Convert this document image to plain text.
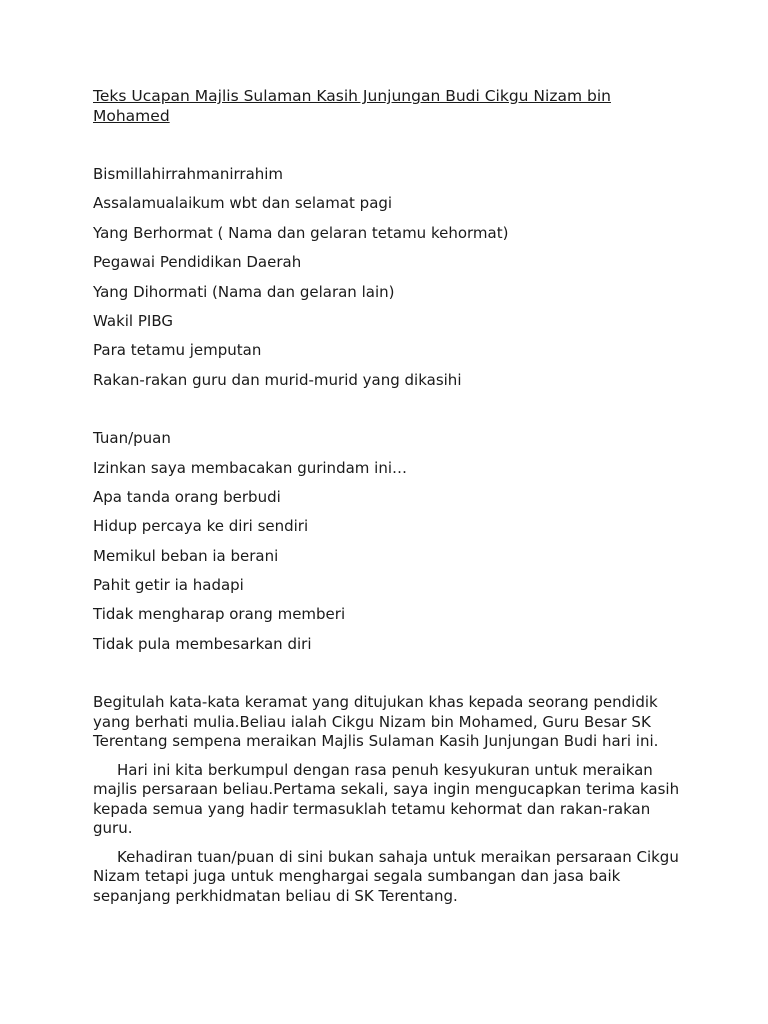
Teks Ucapan Majlis Sulaman Kasih Junjungan Budi Cikgu Nizam bin Mohamed
Bismillahirrahmanirrahim
Assalamualaikum wbt dan selamat pagi
Yang Berhormat ( Nama dan gelaran tetamu kehormat)
Pegawai Pendidikan Daerah
Yang Dihormati (Nama dan gelaran lain)
Wakil PIBG
Para tetamu jemputan
Rakan-rakan guru dan murid-murid yang dikasihi
Tuan/puan
Izinkan saya membacakan gurindam ini…
Apa tanda orang berbudi
Hidup percaya ke diri sendiri
Memikul beban ia berani
Pahit getir ia hadapi
Tidak mengharap orang memberi
Tidak pula membesarkan diri

Begitulah kata-kata keramat yang ditujukan khas kepada seorang pendidik yang berhati mulia.Beliau ialah Cikgu Nizam bin Mohamed, Guru Besar SK Terentang sempena meraikan Majlis Sulaman Kasih Junjungan Budi hari ini.

Hari ini kita berkumpul dengan rasa penuh kesyukuran untuk meraikan majlis persaraan beliau.Pertama sekali, saya ingin mengucapkan terima kasih kepada semua yang hadir termasuklah tetamu kehormat dan rakan-rakan guru.

Kehadiran tuan/puan di sini bukan sahaja untuk meraikan persaraan Cikgu Nizam tetapi juga untuk menghargai segala sumbangan dan jasa baik sepanjang perkhidmatan beliau di SK Terentang.
